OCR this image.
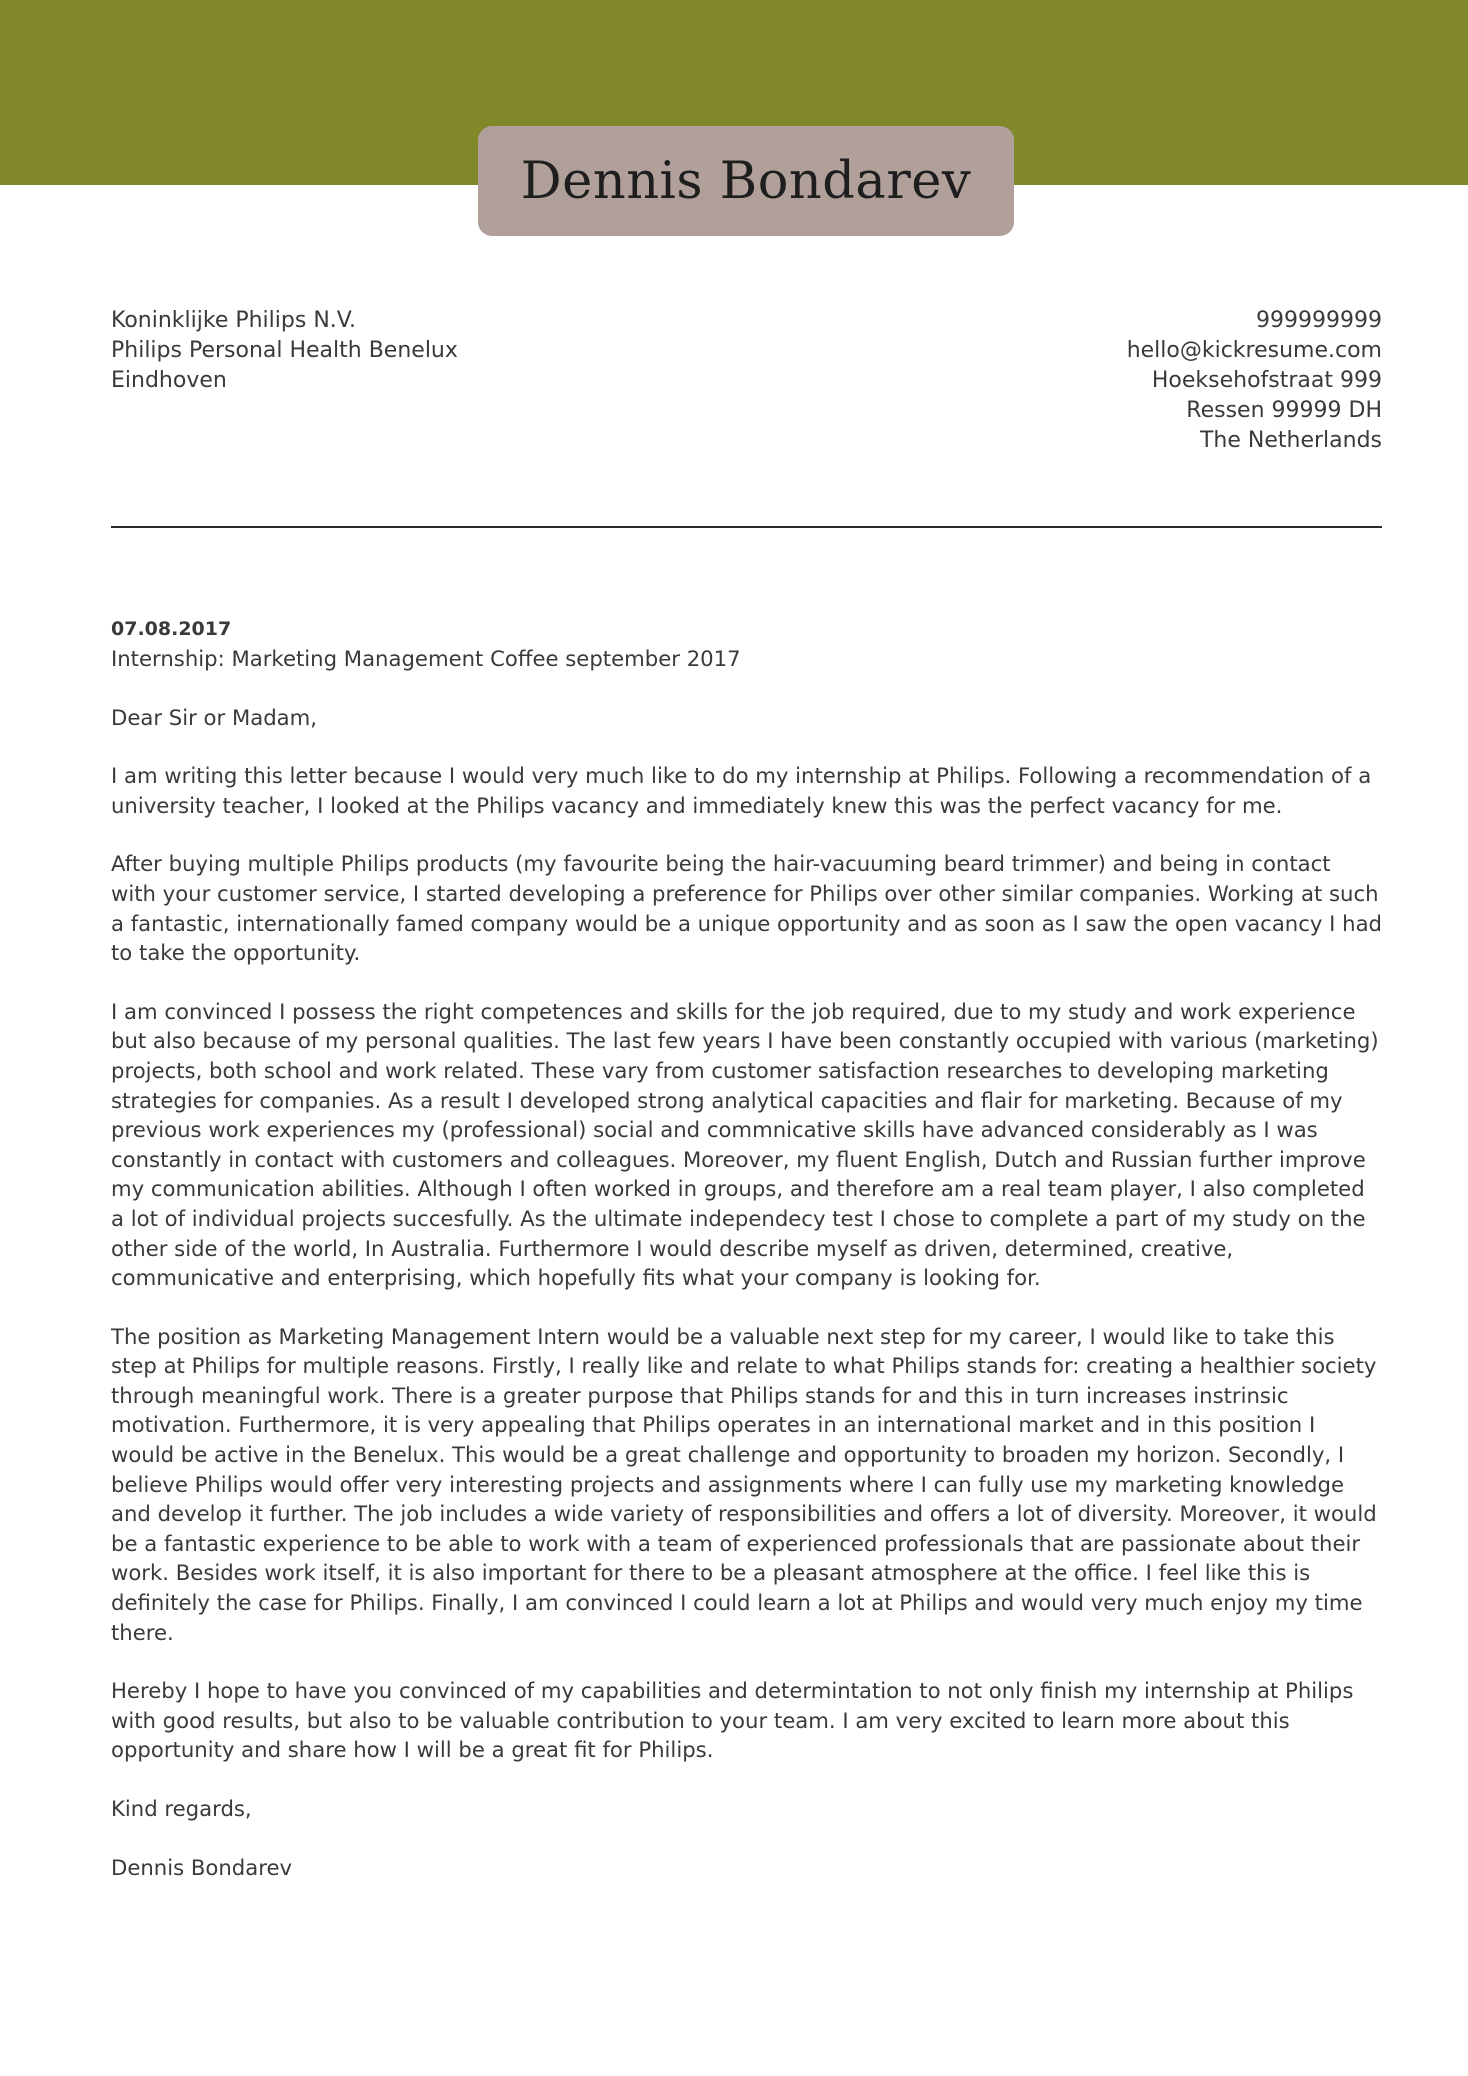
Dennis Bondarev
Koninklijke Philips N.V.
Philips Personal Health Benelux
Eindhoven
999999999
hello@kickresume.com
Hoeksehofstraat 999
Ressen 99999 DH
The Netherlands
07.08.2017
Internship: Marketing Management Coffee september 2017

Dear Sir or Madam,

I am writing this letter because I would very much like to do my internship at Philips. Following a recommendation of a university teacher, I looked at the Philips vacancy and immediately knew this was the perfect vacancy for me.

After buying multiple Philips products (my favourite being the hair-vacuuming beard trimmer) and being in contact with your customer service, I started developing a preference for Philips over other similar companies. Working at such a fantastic, internationally famed company would be a unique opportunity and as soon as I saw the open vacancy I had to take the opportunity.

I am convinced I possess the right competences and skills for the job required, due to my study and work experience but also because of my personal qualities. The last few years I have been constantly occupied with various (marketing) projects, both school and work related. These vary from customer satisfaction researches to developing marketing strategies for companies. As a result I developed strong analytical capacities and flair for marketing. Because of my previous work experiences my (professional) social and commnicative skills have advanced considerably as I was constantly in contact with customers and colleagues. Moreover, my fluent English, Dutch and Russian further improve my communication abilities. Although I often worked in groups, and therefore am a real team player, I also completed a lot of individual projects succesfully. As the ultimate independecy test I chose to complete a part of my study on the other side of the world, In Australia. Furthermore I would describe myself as driven, determined, creative, communicative and enterprising, which hopefully fits what your company is looking for.

The position as Marketing Management Intern would be a valuable next step for my career, I would like to take this step at Philips for multiple reasons. Firstly, I really like and relate to what Philips stands for: creating a healthier society through meaningful work. There is a greater purpose that Philips stands for and this in turn increases instrinsic motivation. Furthermore, it is very appealing that Philips operates in an international market and in this position I would be active in the Benelux. This would be a great challenge and opportunity to broaden my horizon. Secondly, I believe Philips would offer very interesting projects and assignments where I can fully use my marketing knowledge and develop it further. The job includes a wide variety of responsibilities and offers a lot of diversity. Moreover, it would be a fantastic experience to be able to work with a team of experienced professionals that are passionate about their work. Besides work itself, it is also important for there to be a pleasant atmosphere at the office. I feel like this is definitely the case for Philips. Finally, I am convinced I could learn a lot at Philips and would very much enjoy my time there.

Hereby I hope to have you convinced of my capabilities and determintation to not only finish my internship at Philips with good results, but also to be valuable contribution to your team. I am very excited to learn more about this opportunity and share how I will be a great fit for Philips.

Kind regards,

Dennis Bondarev
